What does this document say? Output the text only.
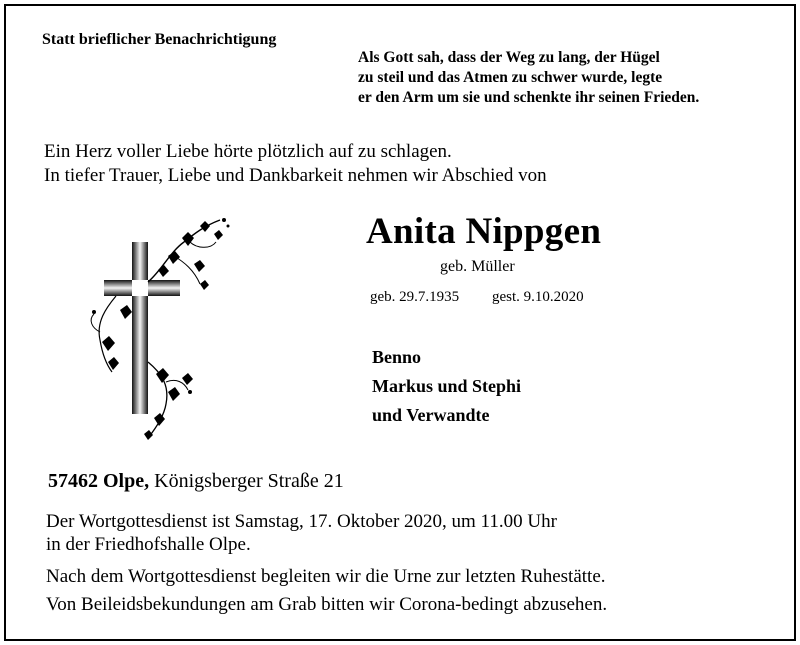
Statt brieflicher Benachrichtigung
Als Gott sah, dass der Weg zu lang, der Hügel
zu steil und das Atmen zu schwer wurde, legte
er den Arm um sie und schenkte ihr seinen Frieden.
Ein Herz voller Liebe hörte plötzlich auf zu schlagen.
In tiefer Trauer, Liebe und Dankbarkeit nehmen wir Abschied von
Anita Nippgen
geb. Müller
geb. 29.7.1935 gest. 9.10.2020
Benno
Markus und Stephi
und Verwandte
57462 Olpe, Königsberger Straße 21
Der Wortgottesdienst ist Samstag, 17. Oktober 2020, um 11.00 Uhr
in der Friedhofshalle Olpe.
Nach dem Wortgottesdienst begleiten wir die Urne zur letzten Ruhestätte.
Von Beileidsbekundungen am Grab bitten wir Corona-bedingt abzusehen.
